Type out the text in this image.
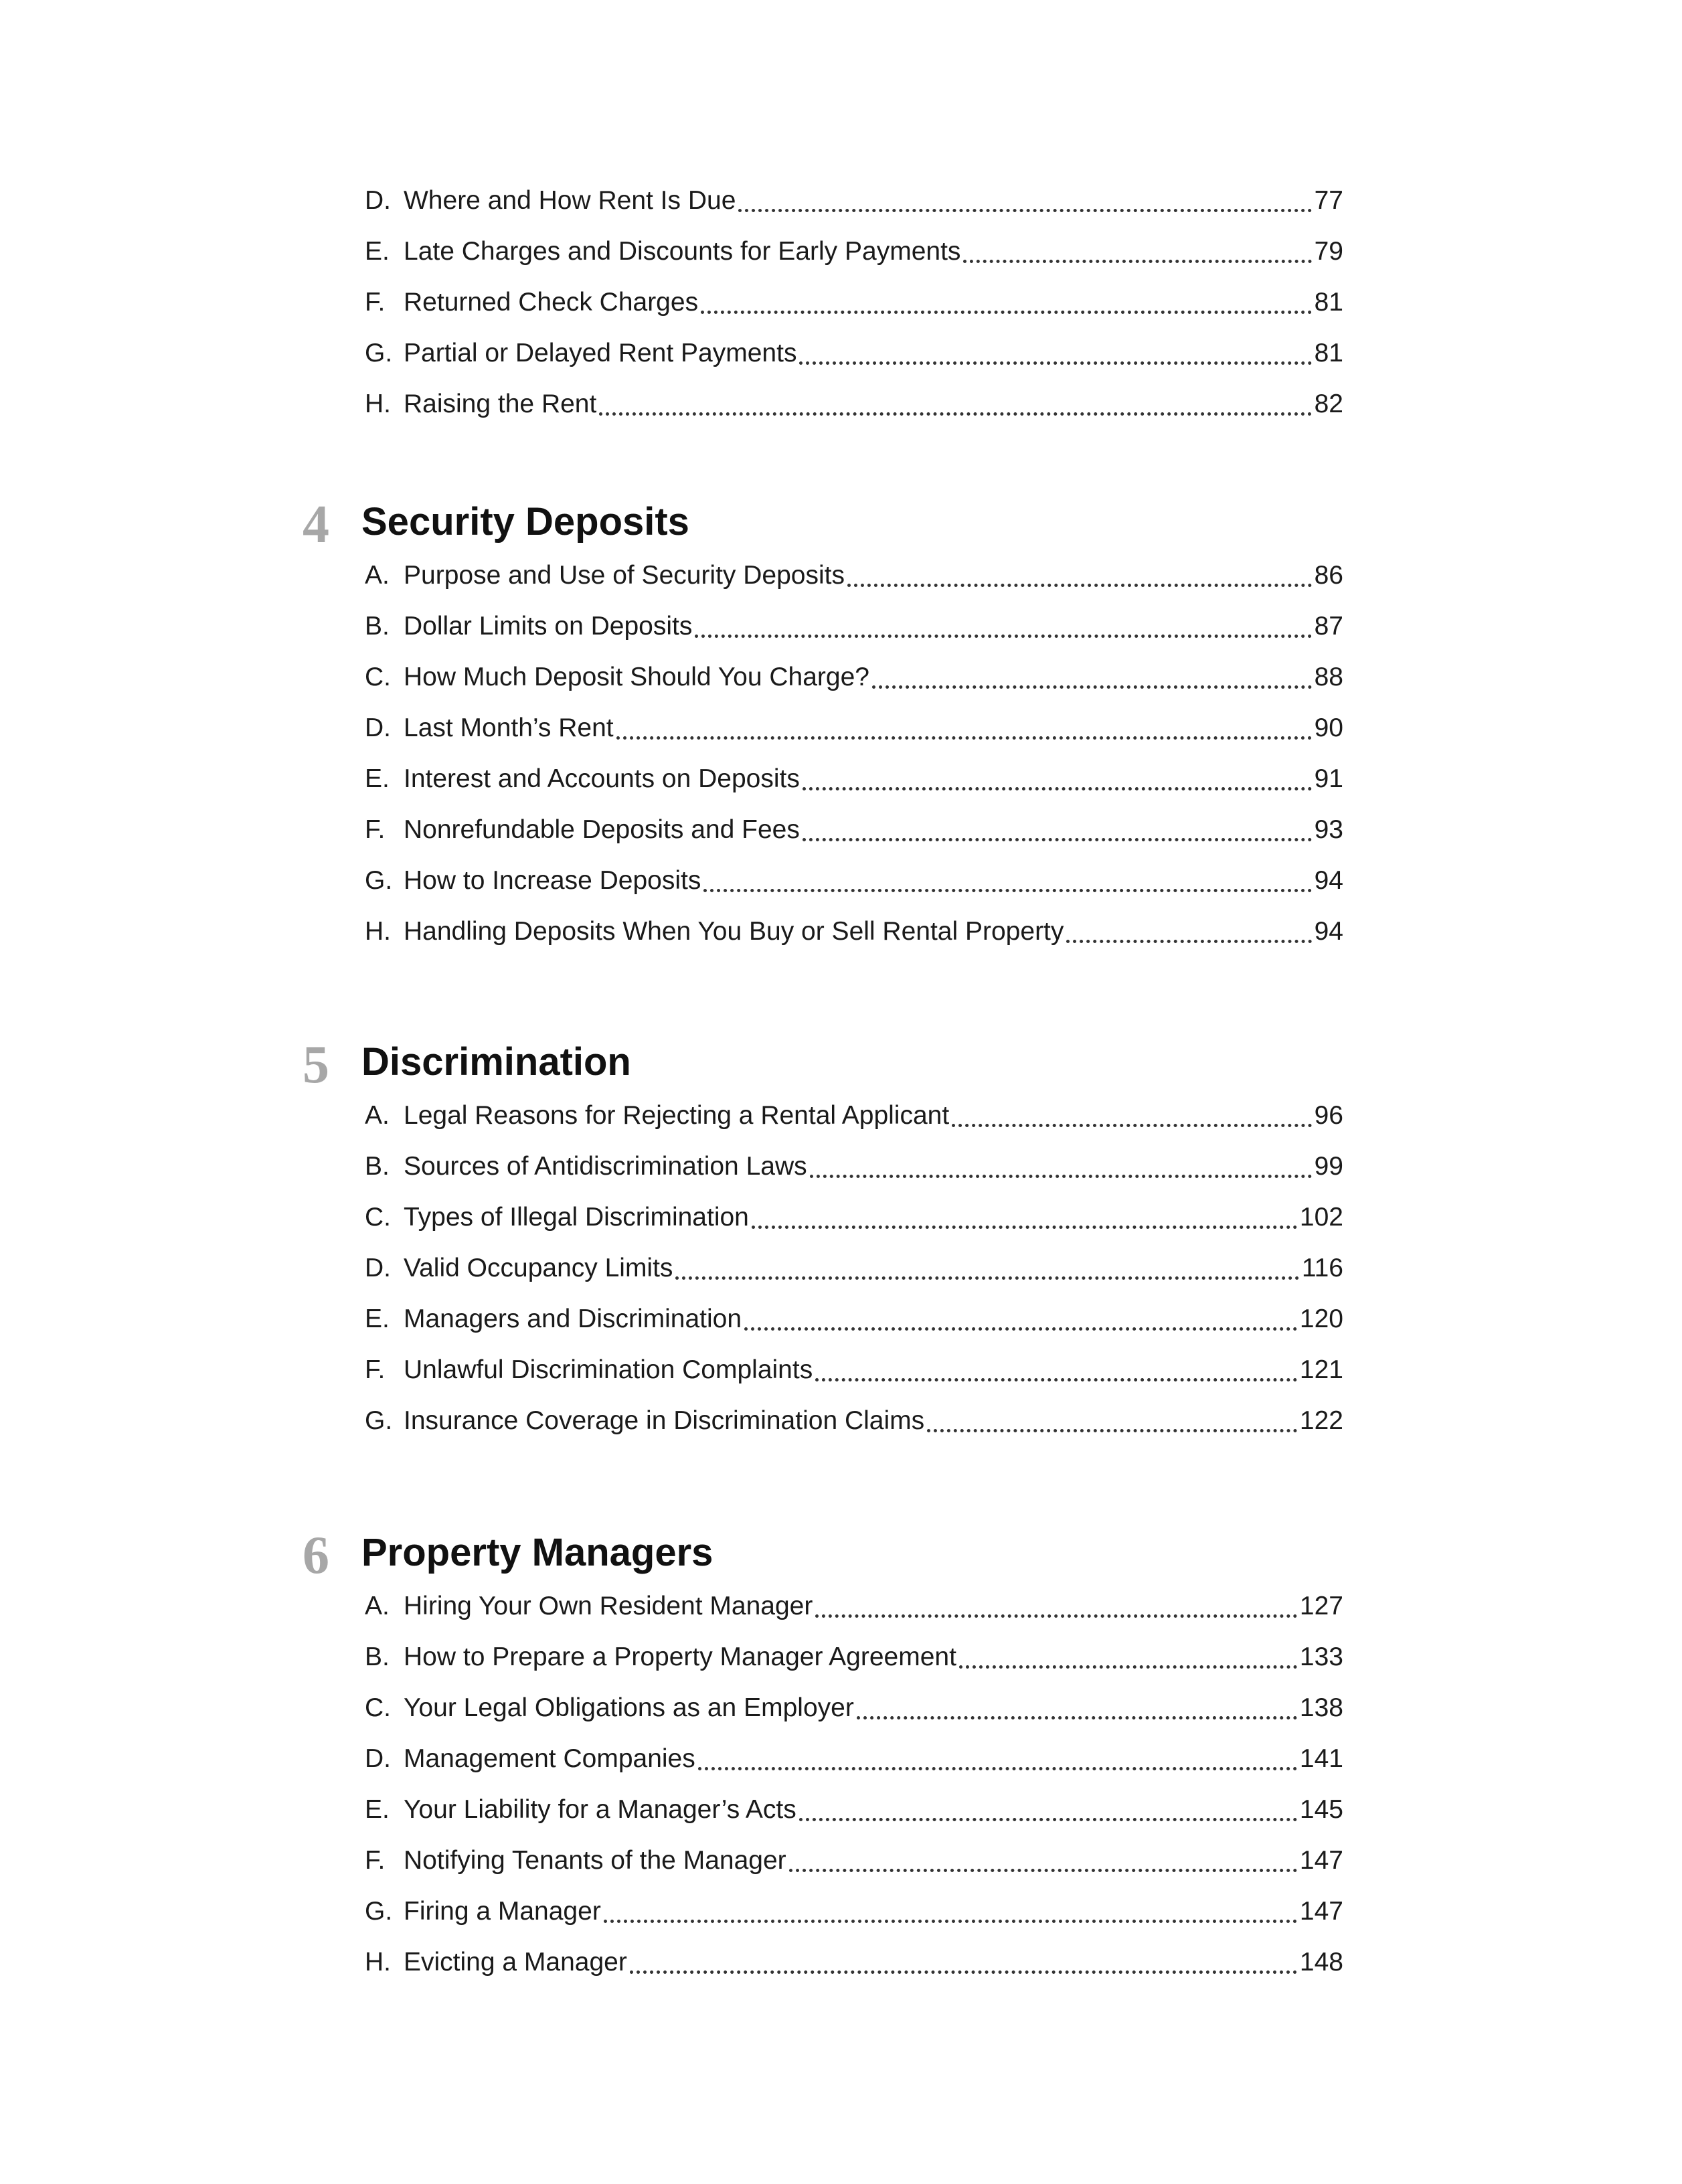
D. Where and How Rent Is Due	77
E. Late Charges and Discounts for Early Payments	79
F. Returned Check Charges	81
G. Partial or Delayed Rent Payments	81
H. Raising the Rent	82
4 Security Deposits
A. Purpose and Use of Security Deposits	86
B. Dollar Limits on Deposits	87
C. How Much Deposit Should You Charge?	88
D. Last Month’s Rent	90
E. Interest and Accounts on Deposits	91
F. Nonrefundable Deposits and Fees	93
G. How to Increase Deposits	94
H. Handling Deposits When You Buy or Sell Rental Property	94
5 Discrimination
A. Legal Reasons for Rejecting a Rental Applicant	96
B. Sources of Antidiscrimination Laws	99
C. Types of Illegal Discrimination	102
D. Valid Occupancy Limits	116
E. Managers and Discrimination	120
F. Unlawful Discrimination Complaints	121
G. Insurance Coverage in Discrimination Claims	122
6 Property Managers
A. Hiring Your Own Resident Manager	127
B. How to Prepare a Property Manager Agreement	133
C. Your Legal Obligations as an Employer	138
D. Management Companies	141
E. Your Liability for a Manager’s Acts	145
F. Notifying Tenants of the Manager	147
G. Firing a Manager	147
H. Evicting a Manager	148
